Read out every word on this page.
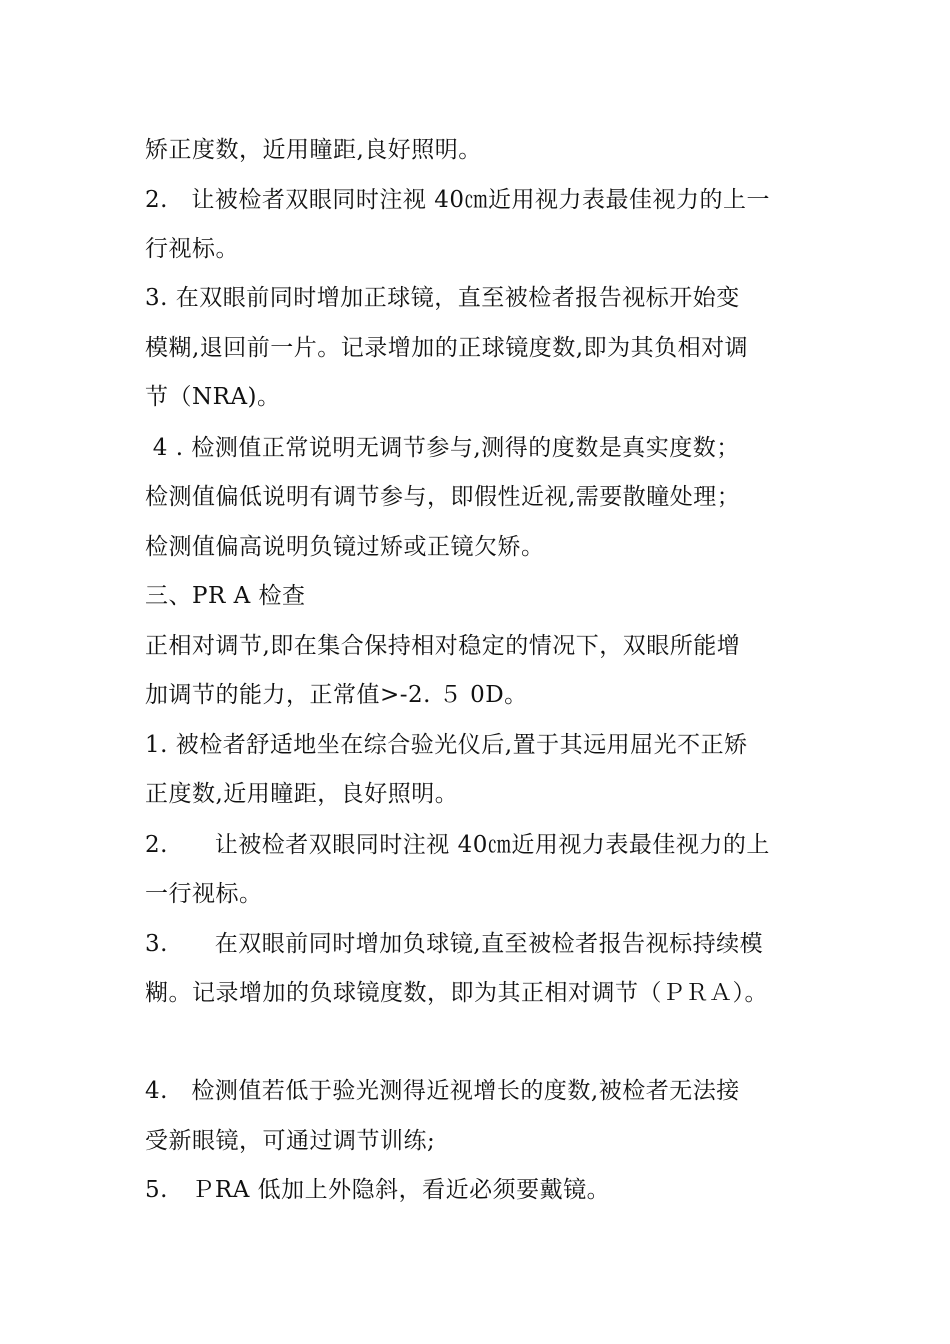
矫正度数，近用瞳距,良好照明。
2.   让被检者双眼同时注视 40㎝近用视力表最佳视力的上一
行视标。
3. 在双眼前同时增加正球镜，直至被检者报告视标开始变
模糊,退回前一片。记录增加的正球镜度数,即为其负相对调
节（NRA)。
4 . 检测值正常说明无调节参与,测得的度数是真实度数；
检测值偏低说明有调节参与，即假性近视,需要散瞳处理；
检测值偏高说明负镜过矫或正镜欠矫。
三、PR A 检查
正相对调节,即在集合保持相对稳定的情况下，双眼所能增
加调节的能力，正常值>-2. ５ 0D。
1. 被检者舒适地坐在综合验光仪后,置于其远用屈光不正矫
正度数,近用瞳距，良好照明。
2.      让被检者双眼同时注视 40㎝近用视力表最佳视力的上
一行视标。
3.      在双眼前同时增加负球镜,直至被检者报告视标持续模
糊。记录增加的负球镜度数，即为其正相对调节（ＰＲＡ）。
4.   检测值若低于验光测得近视增长的度数,被检者无法接
受新眼镜，可通过调节训练;
5.   ＰRA 低加上外隐斜，看近必须要戴镜。
